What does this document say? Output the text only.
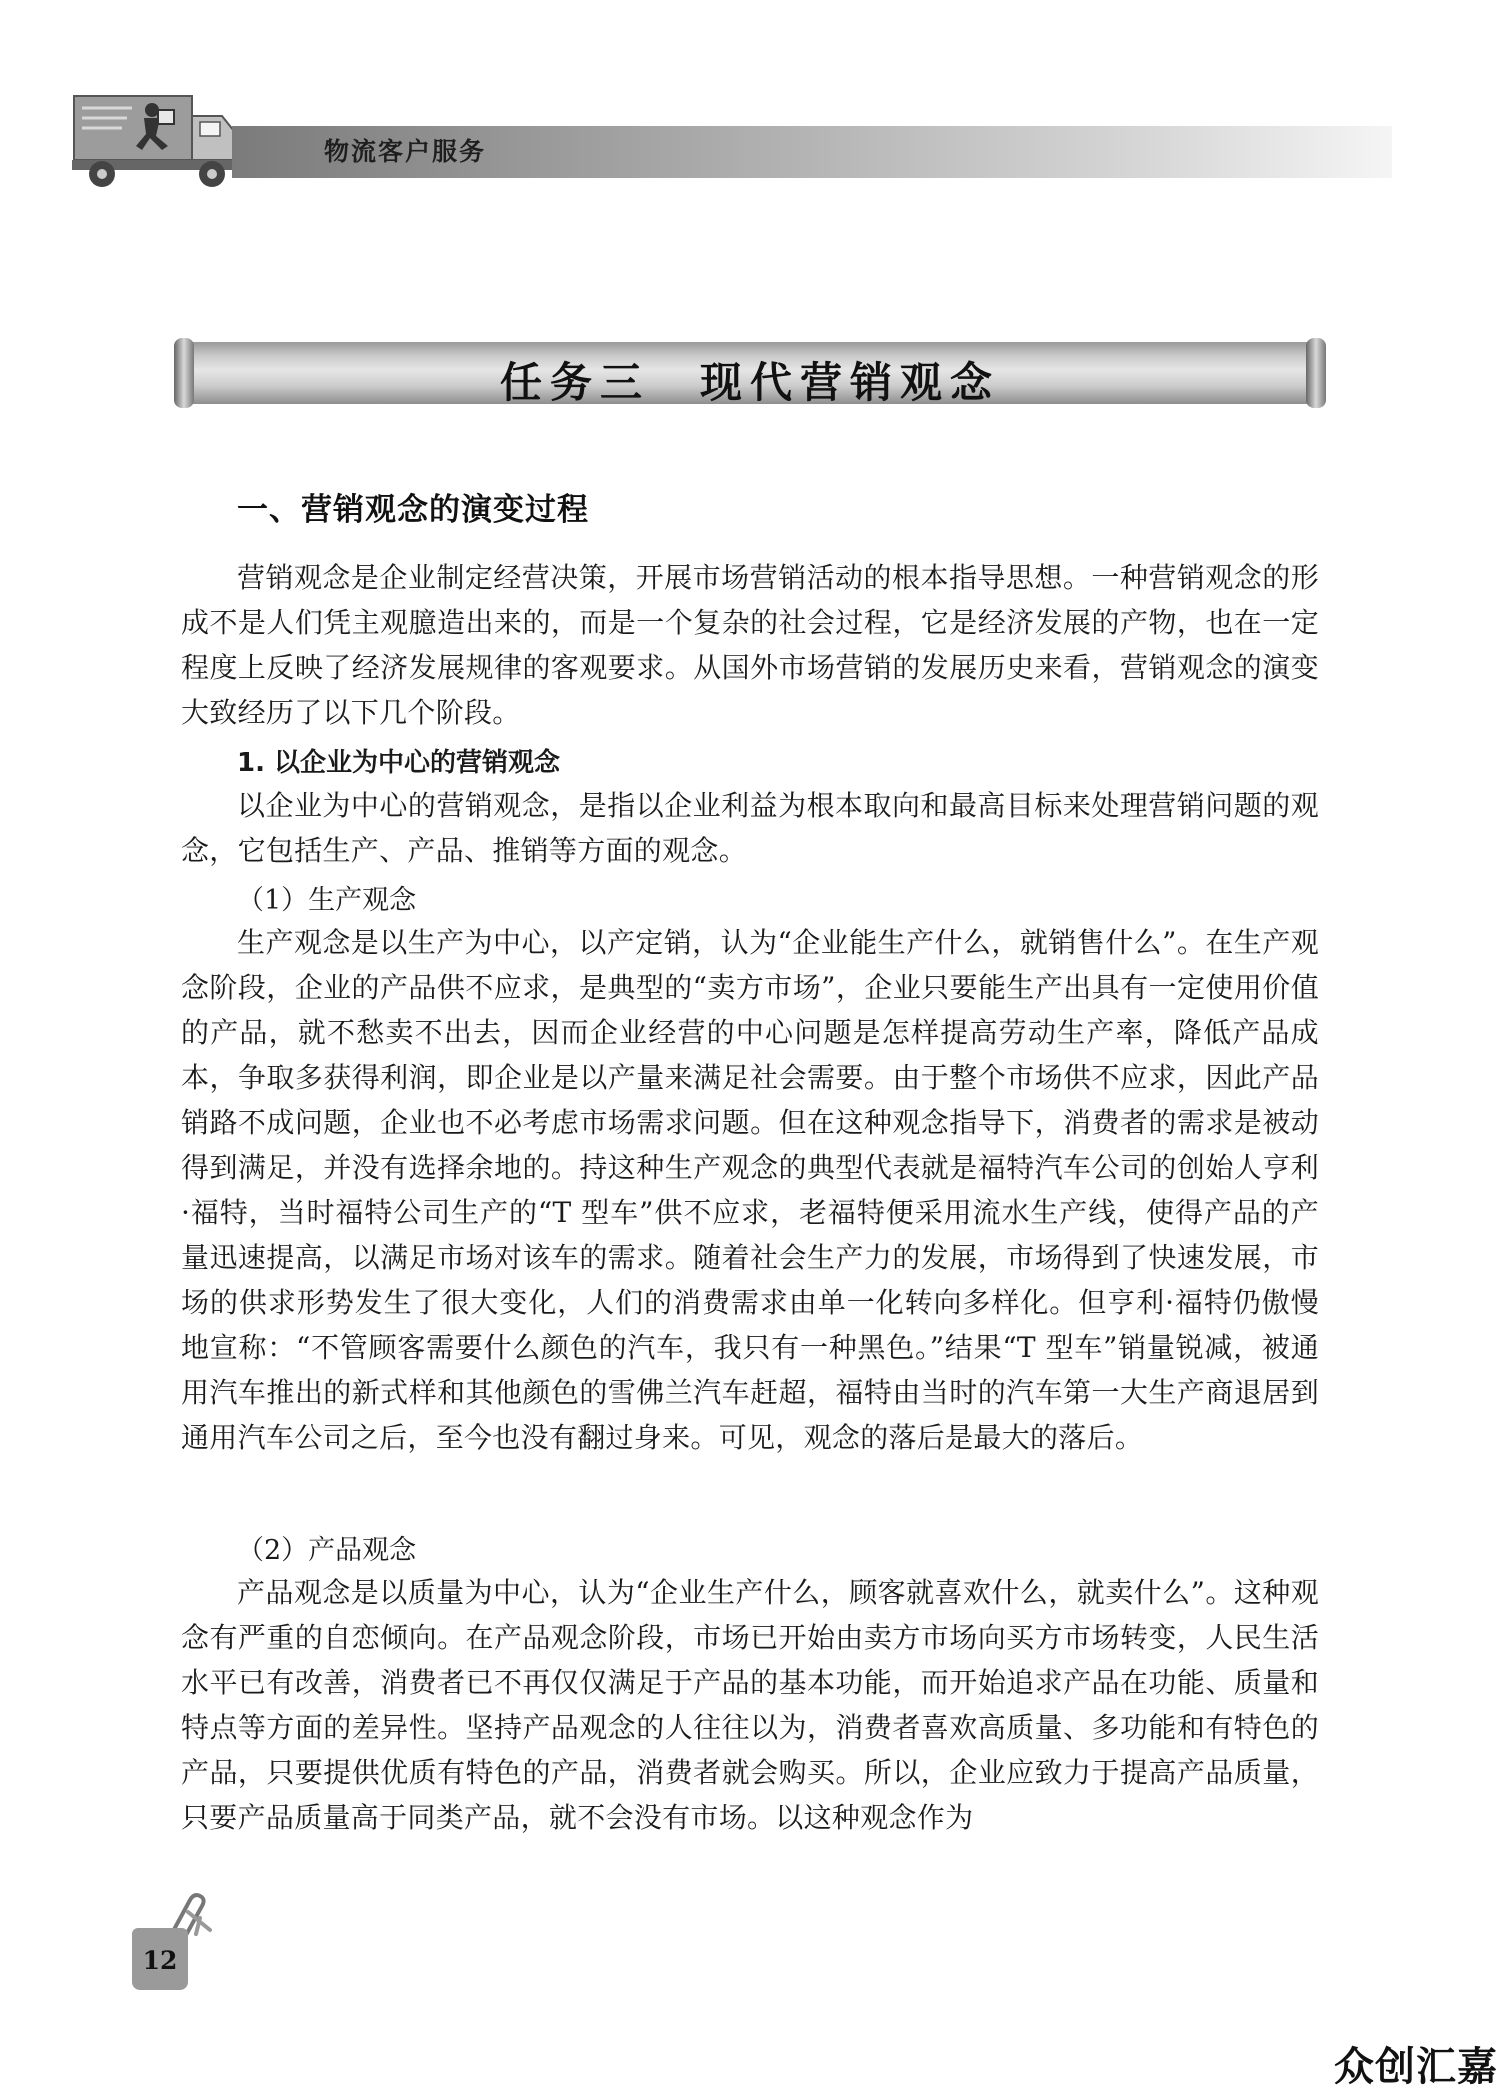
物流客户服务
任务三　现代营销观念
一、营销观念的演变过程

营销观念是企业制定经营决策，开展市场营销活动的根本指导思想。一种营销观念的形成不是人们凭主观臆造出来的，而是一个复杂的社会过程，它是经济发展的产物，也在一定程度上反映了经济发展规律的客观要求。从国外市场营销的发展历史来看，营销观念的演变大致经历了以下几个阶段。

1. 以企业为中心的营销观念

以企业为中心的营销观念，是指以企业利益为根本取向和最高目标来处理营销问题的观念，它包括生产、产品、推销等方面的观念。

（1）生产观念

生产观念是以生产为中心，以产定销，认为“企业能生产什么，就销售什么”。在生产观念阶段，企业的产品供不应求，是典型的“卖方市场”，企业只要能生产出具有一定使用价值的产品，就不愁卖不出去，因而企业经营的中心问题是怎样提高劳动生产率，降低产品成本，争取多获得利润，即企业是以产量来满足社会需要。由于整个市场供不应求，因此产品销路不成问题，企业也不必考虑市场需求问题。但在这种观念指导下，消费者的需求是被动得到满足，并没有选择余地的。持这种生产观念的典型代表就是福特汽车公司的创始人亨利·福特，当时福特公司生产的“T 型车”供不应求，老福特便采用流水生产线，使得产品的产量迅速提高，以满足市场对该车的需求。随着社会生产力的发展，市场得到了快速发展，市场的供求形势发生了很大变化，人们的消费需求由单一化转向多样化。但亨利·福特仍傲慢地宣称：“不管顾客需要什么颜色的汽车，我只有一种黑色。”结果“T 型车”销量锐减，被通用汽车推出的新式样和其他颜色的雪佛兰汽车赶超，福特由当时的汽车第一大生产商退居到通用汽车公司之后，至今也没有翻过身来。可见，观念的落后是最大的落后。

（2）产品观念

产品观念是以质量为中心，认为“企业生产什么，顾客就喜欢什么，就卖什么”。这种观念有严重的自恋倾向。在产品观念阶段，市场已开始由卖方市场向买方市场转变，人民生活水平已有改善，消费者已不再仅仅满足于产品的基本功能，而开始追求产品在功能、质量和特点等方面的差异性。坚持产品观念的人往往以为，消费者喜欢高质量、多功能和有特色的产品，只要提供优质有特色的产品，消费者就会购买。所以，企业应致力于提高产品质量，只要产品质量高于同类产品，就不会没有市场。以这种观念作为

12
众创汇嘉
